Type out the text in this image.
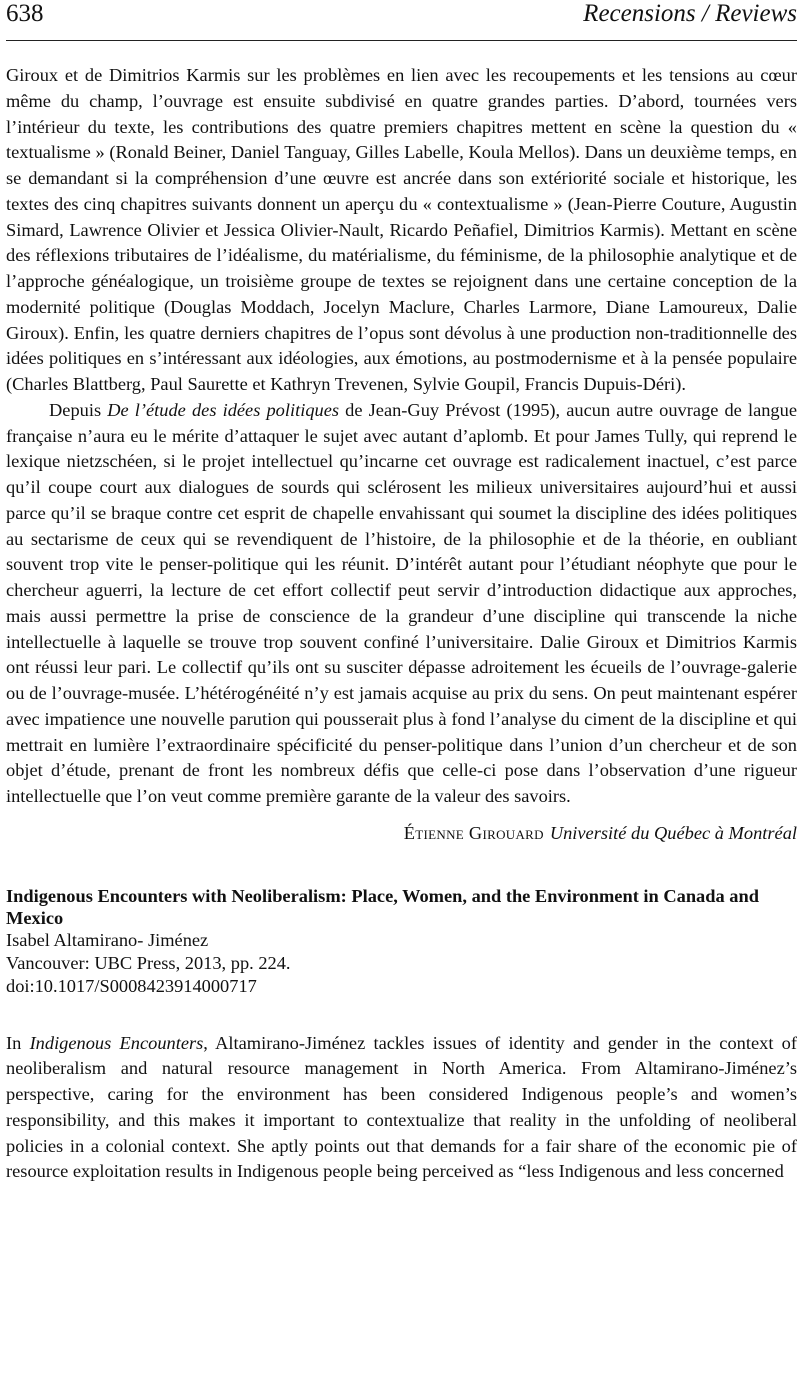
638	Recensions / Reviews

Giroux et de Dimitrios Karmis sur les problèmes en lien avec les recoupements et les tensions au cœur même du champ, l’ouvrage est ensuite subdivisé en quatre grandes parties. D’abord, tournées vers l’intérieur du texte, les contributions des quatre premiers chapitres mettent en scène la question du « textualisme » (Ronald Beiner, Daniel Tanguay, Gilles Labelle, Koula Mellos). Dans un deuxième temps, en se demandant si la compréhension d’une œuvre est ancrée dans son extériorité sociale et historique, les textes des cinq chapitres suivants donnent un aperçu du « contextualisme » (Jean-Pierre Couture, Augustin Simard, Lawrence Olivier et Jessica Olivier-Nault, Ricardo Peñafiel, Dimitrios Karmis). Mettant en scène des réflexions tributaires de l’idéalisme, du matérialisme, du féminisme, de la philosophie analytique et de l’approche généalogique, un troisième groupe de textes se rejoignent dans une certaine conception de la modernité politique (Douglas Moddach, Jocelyn Maclure, Charles Larmore, Diane Lamoureux, Dalie Giroux). Enfin, les quatre derniers chapitres de l’opus sont dévolus à une production non-traditionnelle des idées politiques en s’intéressant aux idéologies, aux émotions, au postmodernisme et à la pensée populaire (Charles Blattberg, Paul Saurette et Kathryn Trevenen, Sylvie Goupil, Francis Dupuis-Déri).

Depuis De l’étude des idées politiques de Jean-Guy Prévost (1995), aucun autre ouvrage de langue française n’aura eu le mérite d’attaquer le sujet avec autant d’aplomb. Et pour James Tully, qui reprend le lexique nietzschéen, si le projet intellectuel qu’incarne cet ouvrage est radicalement inactuel, c’est parce qu’il coupe court aux dialogues de sourds qui sclérosent les milieux universitaires aujourd’hui et aussi parce qu’il se braque contre cet esprit de chapelle envahissant qui soumet la discipline des idées politiques au sectarisme de ceux qui se revendiquent de l’histoire, de la philosophie et de la théorie, en oubliant souvent trop vite le penser-politique qui les réunit. D’intérêt autant pour l’étudiant néophyte que pour le chercheur aguerri, la lecture de cet effort collectif peut servir d’introduction didactique aux approches, mais aussi permettre la prise de conscience de la grandeur d’une discipline qui transcende la niche intellectuelle à laquelle se trouve trop souvent confiné l’universitaire. Dalie Giroux et Dimitrios Karmis ont réussi leur pari. Le collectif qu’ils ont su susciter dépasse adroitement les écueils de l’ouvrage-galerie ou de l’ouvrage-musée. L’hétérogénéité n’y est jamais acquise au prix du sens. On peut maintenant espérer avec impatience une nouvelle parution qui pousserait plus à fond l’analyse du ciment de la discipline et qui mettrait en lumière l’extraordinaire spécificité du penser-politique dans l’union d’un chercheur et de son objet d’étude, prenant de front les nombreux défis que celle-ci pose dans l’observation d’une rigueur intellectuelle que l’on veut comme première garante de la valeur des savoirs.

Étienne Girouard Université du Québec à Montréal
Indigenous Encounters with Neoliberalism: Place, Women, and the Environment in Canada and Mexico
Isabel Altamirano- Jiménez
Vancouver: UBC Press, 2013, pp. 224.
doi:10.1017/S0008423914000717

In Indigenous Encounters, Altamirano-Jiménez tackles issues of identity and gender in the context of neoliberalism and natural resource management in North America. From Altamirano-Jiménez’s perspective, caring for the environment has been considered Indigenous people’s and women’s responsibility, and this makes it important to contextualize that reality in the unfolding of neoliberal policies in a colonial context. She aptly points out that demands for a fair share of the economic pie of resource exploitation results in Indigenous people being perceived as “less Indigenous and less concerned
